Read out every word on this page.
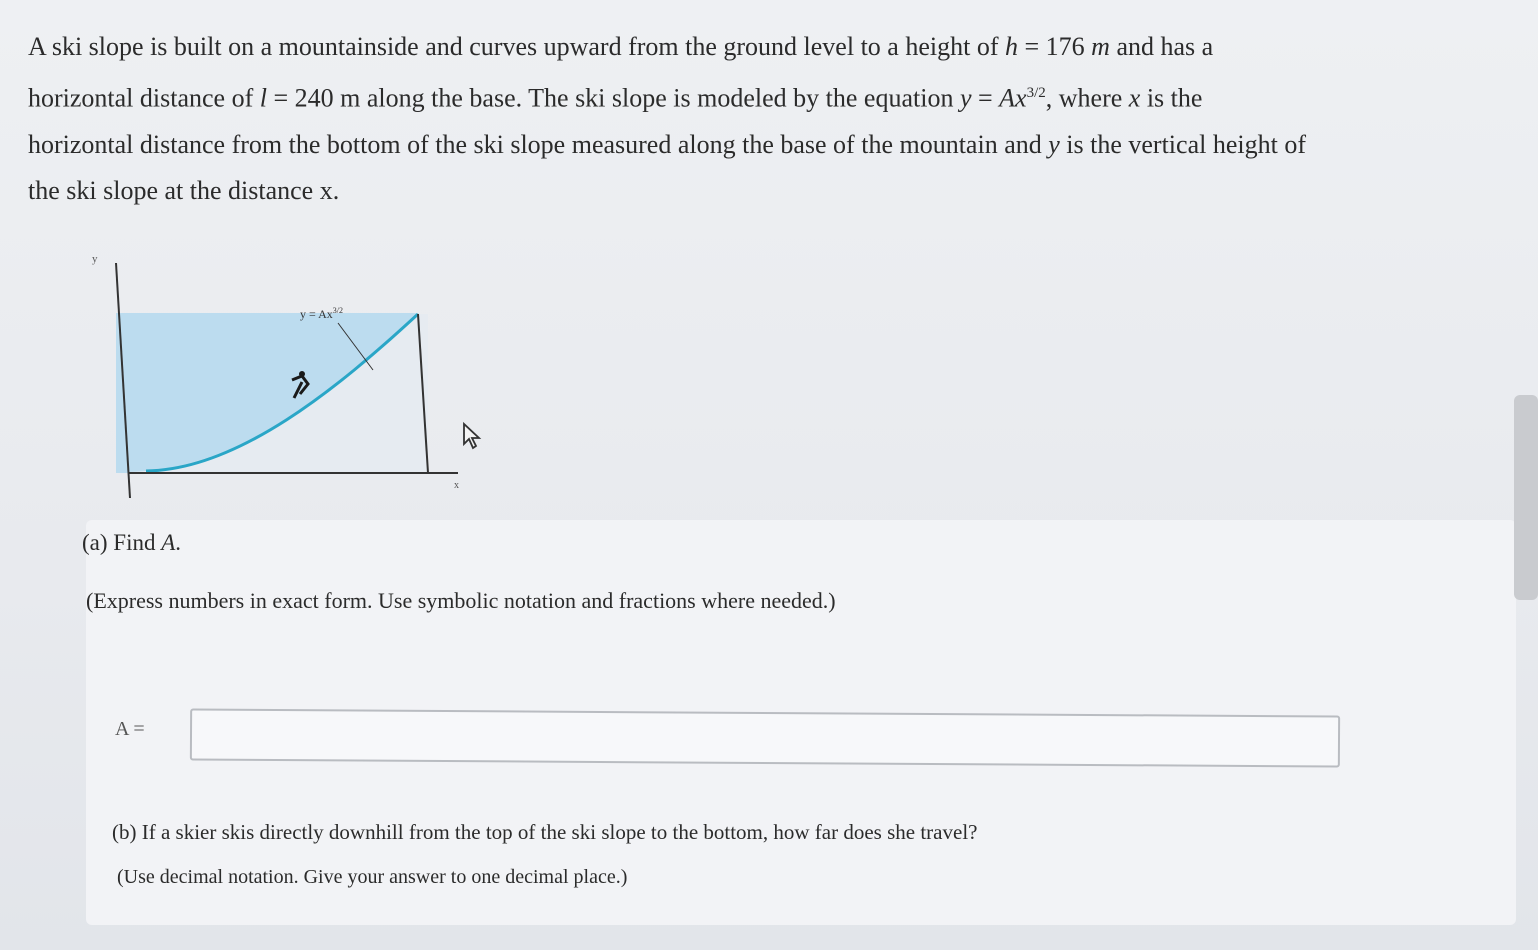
A ski slope is built on a mountainside and curves upward from the ground level to a height of h = 176 m and has a

horizontal distance of l = 240 m along the base. The ski slope is modeled by the equation $y = Ax^{3/2}$, where x is the

horizontal distance from the bottom of the ski slope measured along the base of the mountain and y is the vertical height of

the ski slope at the distance x.

y
x
$y = Ax^{3/2}$
(a) Find A.
(Express numbers in exact form. Use symbolic notation and fractions where needed.)
A =
(b) If a skier skis directly downhill from the top of the ski slope to the bottom, how far does she travel?
(Use decimal notation. Give your answer to one decimal place.)
